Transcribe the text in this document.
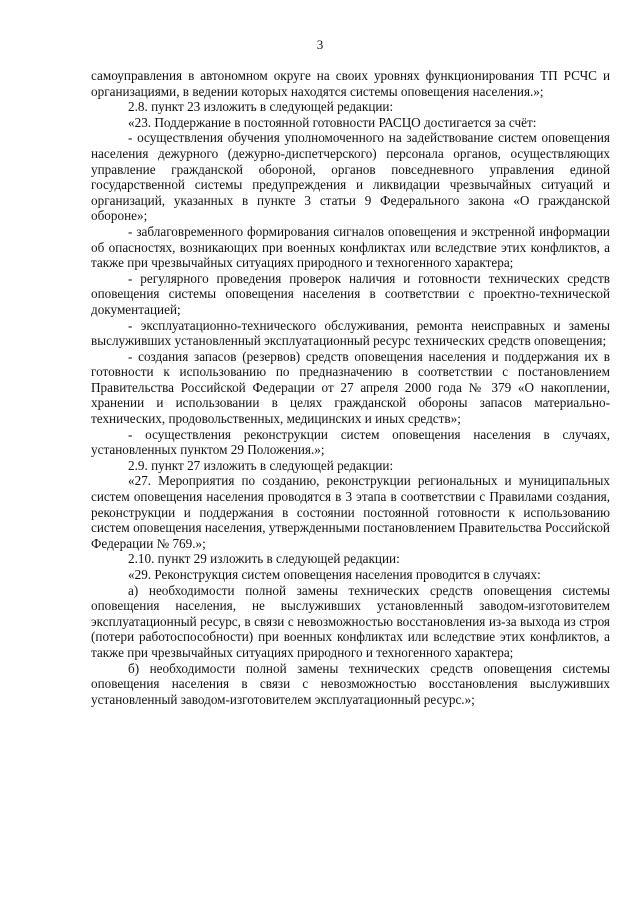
3

самоуправления в автономном округе на своих уровнях функционирования ТП РСЧС и организациями, в ведении которых находятся системы оповещения населения.»;

2.8. пункт 23 изложить в следующей редакции:

«23. Поддержание в постоянной готовности РАСЦО достигается за счёт:

- осуществления обучения уполномоченного на задействование систем оповещения населения дежурного (дежурно-диспетчерского) персонала органов, осуществляющих управление гражданской обороной, органов повседневного управления единой государственной системы предупреждения и ликвидации чрезвычайных ситуаций и организаций, указанных в пункте 3 статьи 9 Федерального закона «О гражданской обороне»;

- заблаговременного формирования сигналов оповещения и экстренной информации об опасностях, возникающих при военных конфликтах или вследствие этих конфликтов, а также при чрезвычайных ситуациях природного и техногенного характера;

- регулярного проведения проверок наличия и готовности технических средств оповещения системы оповещения населения в соответствии с проектно-технической документацией;

- эксплуатационно-технического обслуживания, ремонта неисправных и замены выслуживших установленный эксплуатационный ресурс технических средств оповещения;

- создания запасов (резервов) средств оповещения населения и поддержания их в готовности к использованию по предназначению в соответствии с постановлением Правительства Российской Федерации от 27 апреля 2000 года № 379 «О накоплении, хранении и использовании в целях гражданской обороны запасов материально-технических, продовольственных, медицинских и иных средств»;

- осуществления реконструкции систем оповещения населения в случаях, установленных пунктом 29 Положения.»;

2.9. пункт 27 изложить в следующей редакции:

«27. Мероприятия по созданию, реконструкции региональных и муниципальных систем оповещения населения проводятся в 3 этапа в соответствии с Правилами создания, реконструкции и поддержания в состоянии постоянной готовности к использованию систем оповещения населения, утвержденными постановлением Правительства Российской Федерации № 769.»;

2.10. пункт 29 изложить в следующей редакции:

«29. Реконструкция систем оповещения населения проводится в случаях:

а) необходимости полной замены технических средств оповещения системы оповещения населения, не выслуживших установленный заводом-изготовителем эксплуатационный ресурс, в связи с невозможностью восстановления из-за выхода из строя (потери работоспособности) при военных конфликтах или вследствие этих конфликтов, а также при чрезвычайных ситуациях природного и техногенного характера;

б) необходимости полной замены технических средств оповещения системы оповещения населения в связи с невозможностью восстановления выслуживших установленный заводом-изготовителем эксплуатационный ресурс.»;
